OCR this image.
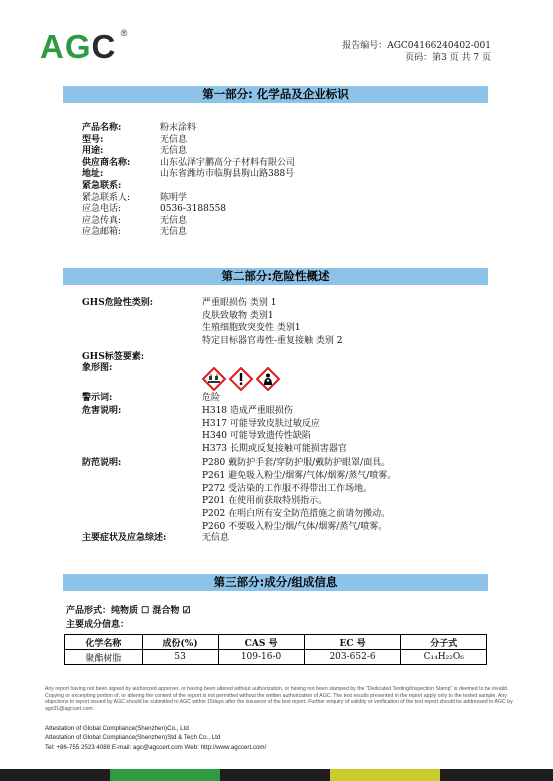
AGC ®
报告编号：AGC04166240402-001
页码：第3 页 共 7 页
第一部分: 化学品及企业标识
产品名称:	粉末涂料
型号:	无信息
用途:	无信息
供应商名称:	山东弘泽宇鹏高分子材料有限公司
地址:	山东省潍坊市临朐县朐山路388号
紧急联系:
紧急联系人:	陈明学
应急电话:	0536-3188558
应急传真:	无信息
应急邮箱:	无信息
第二部分:危险性概述
GHS危险性类别:	严重眼损伤 类别 1
皮肤致敏物 类别1
生殖细胞致突变性 类别1
特定目标器官毒性-重复接触 类别 2
GHS标签要素:
象形图:
警示词:	危险
危害说明:	H318 造成严重眼损伤
H317 可能导致皮肤过敏反应
H340 可能导致遗传性缺陷
H373 长期或反复接触可能损害器官
防范说明:	P280 戴防护手套/穿防护服/戴防护眼罩/面具。
P261 避免吸入粉尘/烟雾/气体/烟雾/蒸气/喷雾。
P272 受沾染的工作服不得带出工作场地。
P201 在使用前获取特别指示。
P202 在明白所有安全防范措施之前请勿搬动。
P260 不要吸入粉尘/烟/气体/烟雾/蒸气/喷雾。
主要症状及应急综述:	无信息
第三部分:成分/组成信息
产品形式：纯物质 ☐ 混合物 ☑
主要成分信息：
化学名称	成份(%)	CAS 号	EC 号	分子式
聚酯树脂	53	109-16-0	203-652-6	C₁₄H₂₂O₆
Any report having not been signed by authorized approver, or having been altered without authorization, or having not been stamped by the "Dedicated Testing/Inspection Stamp" is deemed to be invalid. Copying or excerpting portion of, or altering the content of the report is not permitted without the written authorization of AGC. The test results presented in the report apply only to the tested sample. Any objections to report issued by AGC should be submitted to AGC within 15days after the issuance of the test report. Further enquiry of validity or verification of the test report should be addressed to AGC by agc01@agccert.com.
Attestation of Global Compliance(Shenzhen)Co., Ltd
Attestation of Global Compliance(Shenzhen)Std & Tech Co., Ltd
Tel: +86-755 2523 4088 E-mail: agc@agccert.com Web: http://www.agccert.com/
